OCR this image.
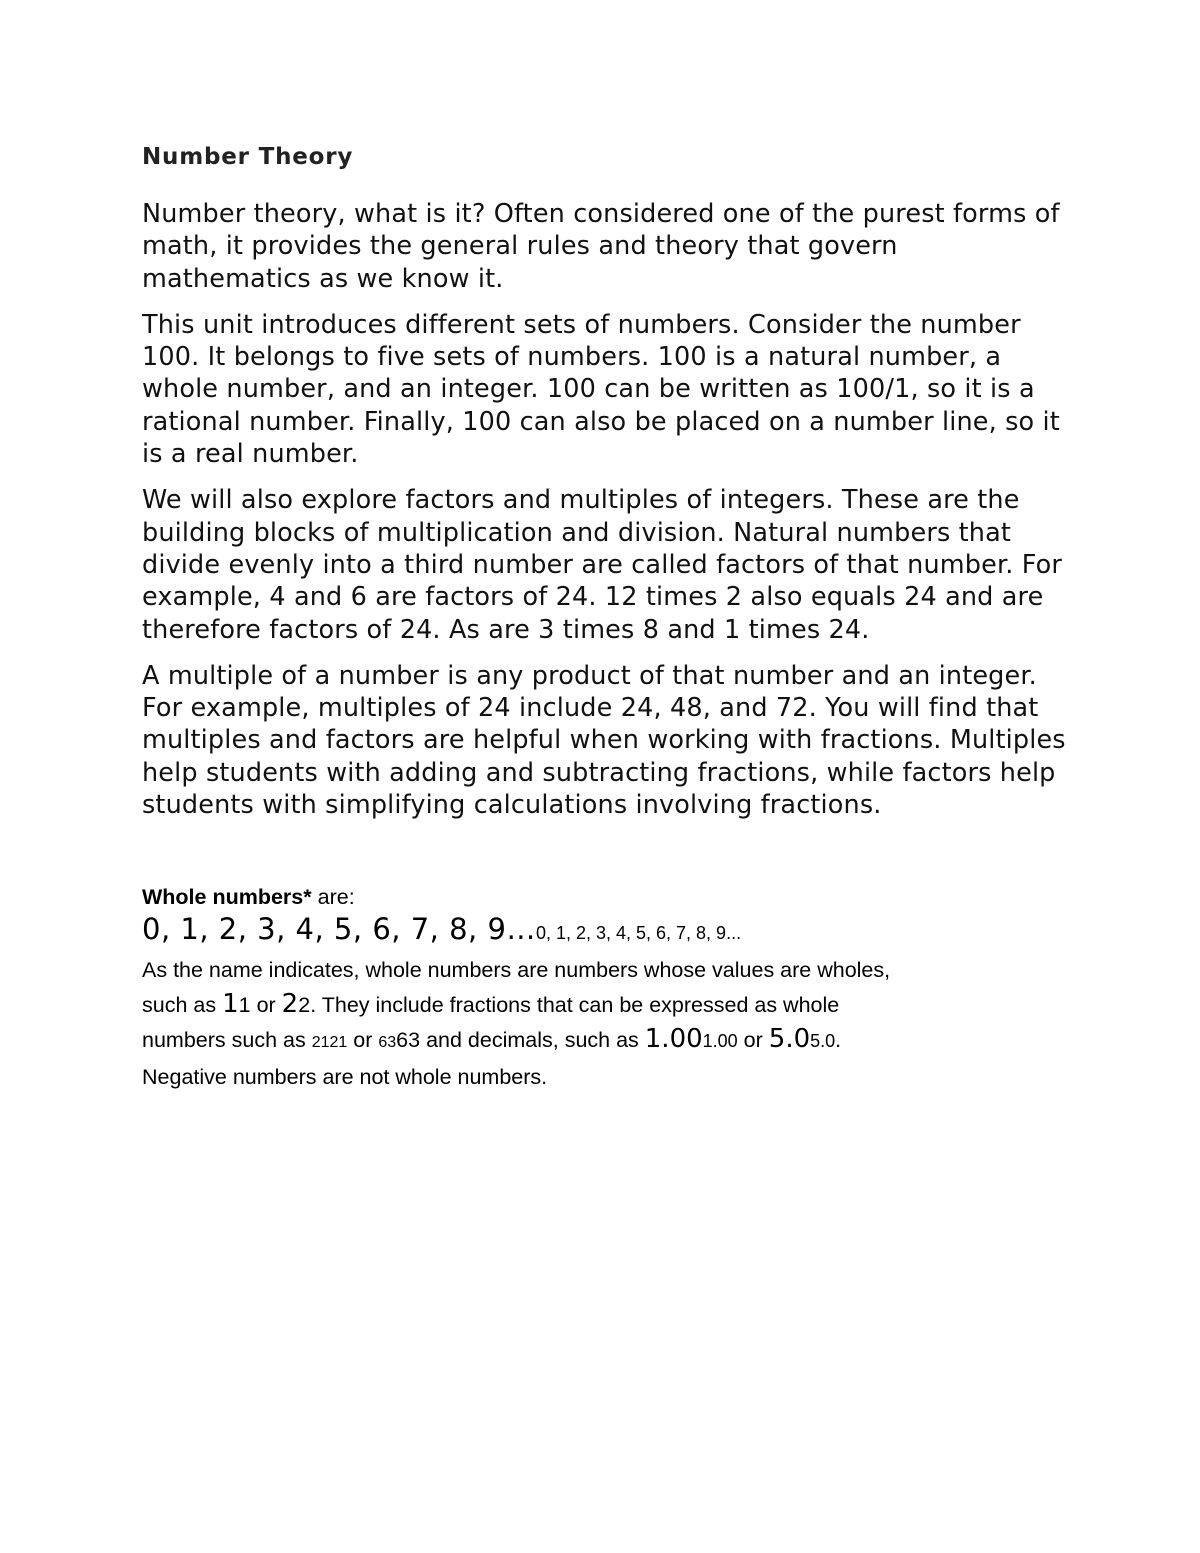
Number Theory

Number theory, what is it? Often considered one of the purest forms of math, it provides the general rules and theory that govern mathematics as we know it.

This unit introduces different sets of numbers. Consider the number 100. It belongs to five sets of numbers. 100 is a natural number, a whole number, and an integer. 100 can be written as 100/1, so it is a rational number. Finally, 100 can also be placed on a number line, so it is a real number.

We will also explore factors and multiples of integers. These are the building blocks of multiplication and division. Natural numbers that divide evenly into a third number are called factors of that number. For example, 4 and 6 are factors of 24. 12 times 2 also equals 24 and are therefore factors of 24. As are 3 times 8 and 1 times 24.

A multiple of a number is any product of that number and an integer. For example, multiples of 24 include 24, 48, and 72. You will find that multiples and factors are helpful when working with fractions. Multiples help students with adding and subtracting fractions, while factors help students with simplifying calculations involving fractions.

Whole numbers* are:

0, 1, 2, 3, 4, 5, 6, 7, 8, 9…0, 1, 2, 3, 4, 5, 6, 7, 8, 9...

As the name indicates, whole numbers are numbers whose values are wholes,

such as 11 or 22. They include fractions that can be expressed as whole

numbers such as 2121 or 6363 and decimals, such as 1.001.00 or 5.05.0.

Negative numbers are not whole numbers.
